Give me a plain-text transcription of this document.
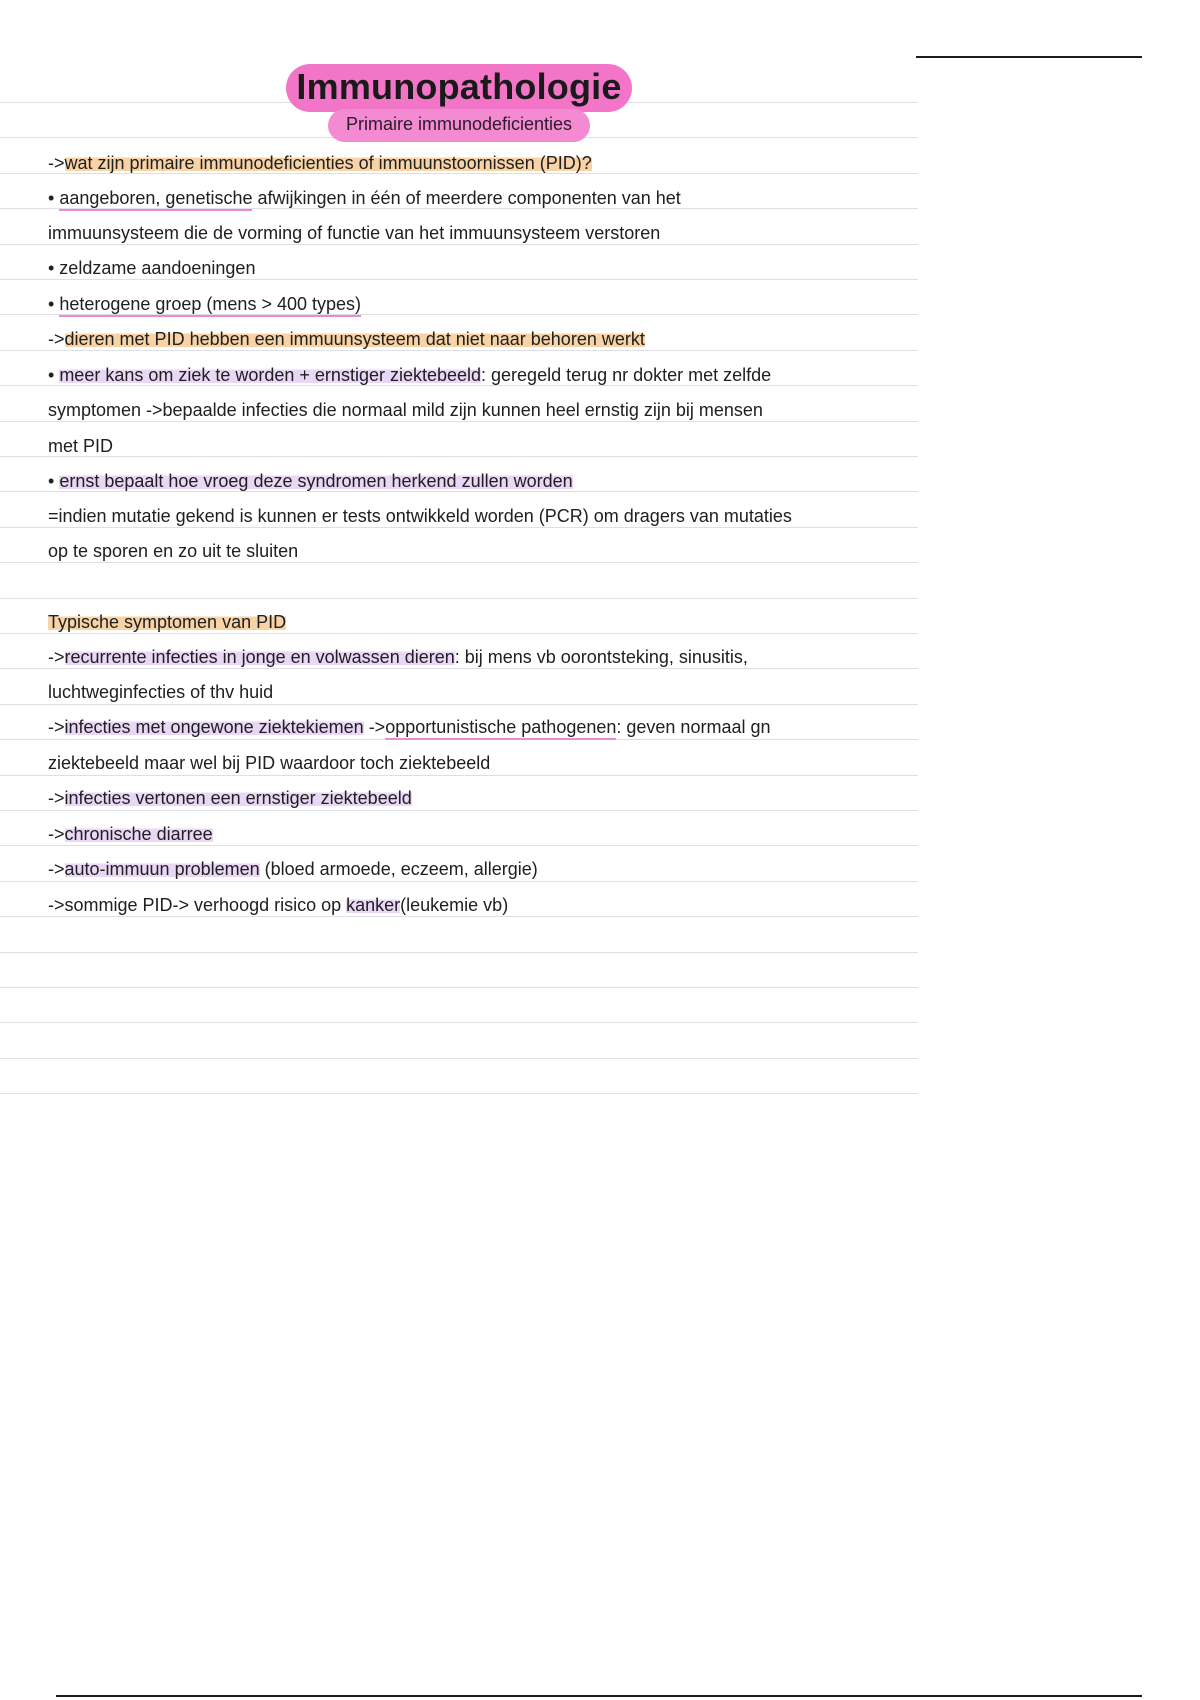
Immunopathologie
Primaire immunodeficienties
->wat zijn primaire immunodeficienties of immuunstoornissen (PID)?
• aangeboren, genetische afwijkingen in één of meerdere componenten van het
immuunsysteem die de vorming of functie van het immuunsysteem verstoren
• zeldzame aandoeningen
• heterogene groep (mens > 400 types)
->dieren met PID hebben een immuunsysteem dat niet naar behoren werkt
• meer kans om ziek te worden + ernstiger ziektebeeld: geregeld terug nr dokter met zelfde
symptomen ->bepaalde infecties die normaal mild zijn kunnen heel ernstig zijn bij mensen
met PID
• ernst bepaalt hoe vroeg deze syndromen herkend zullen worden
=indien mutatie gekend is kunnen er tests ontwikkeld worden (PCR) om dragers van mutaties
op te sporen en zo uit te sluiten
Typische symptomen van PID
->recurrente infecties in jonge en volwassen dieren: bij mens vb oorontsteking, sinusitis,
luchtweginfecties of thv huid
->infecties met ongewone ziektekiemen ->opportunistische pathogenen: geven normaal gn
ziektebeeld maar wel bij PID waardoor toch ziektebeeld
->infecties vertonen een ernstiger ziektebeeld
->chronische diarree
->auto-immuun problemen (bloed armoede, eczeem, allergie)
->sommige PID-> verhoogd risico op kanker(leukemie vb)
